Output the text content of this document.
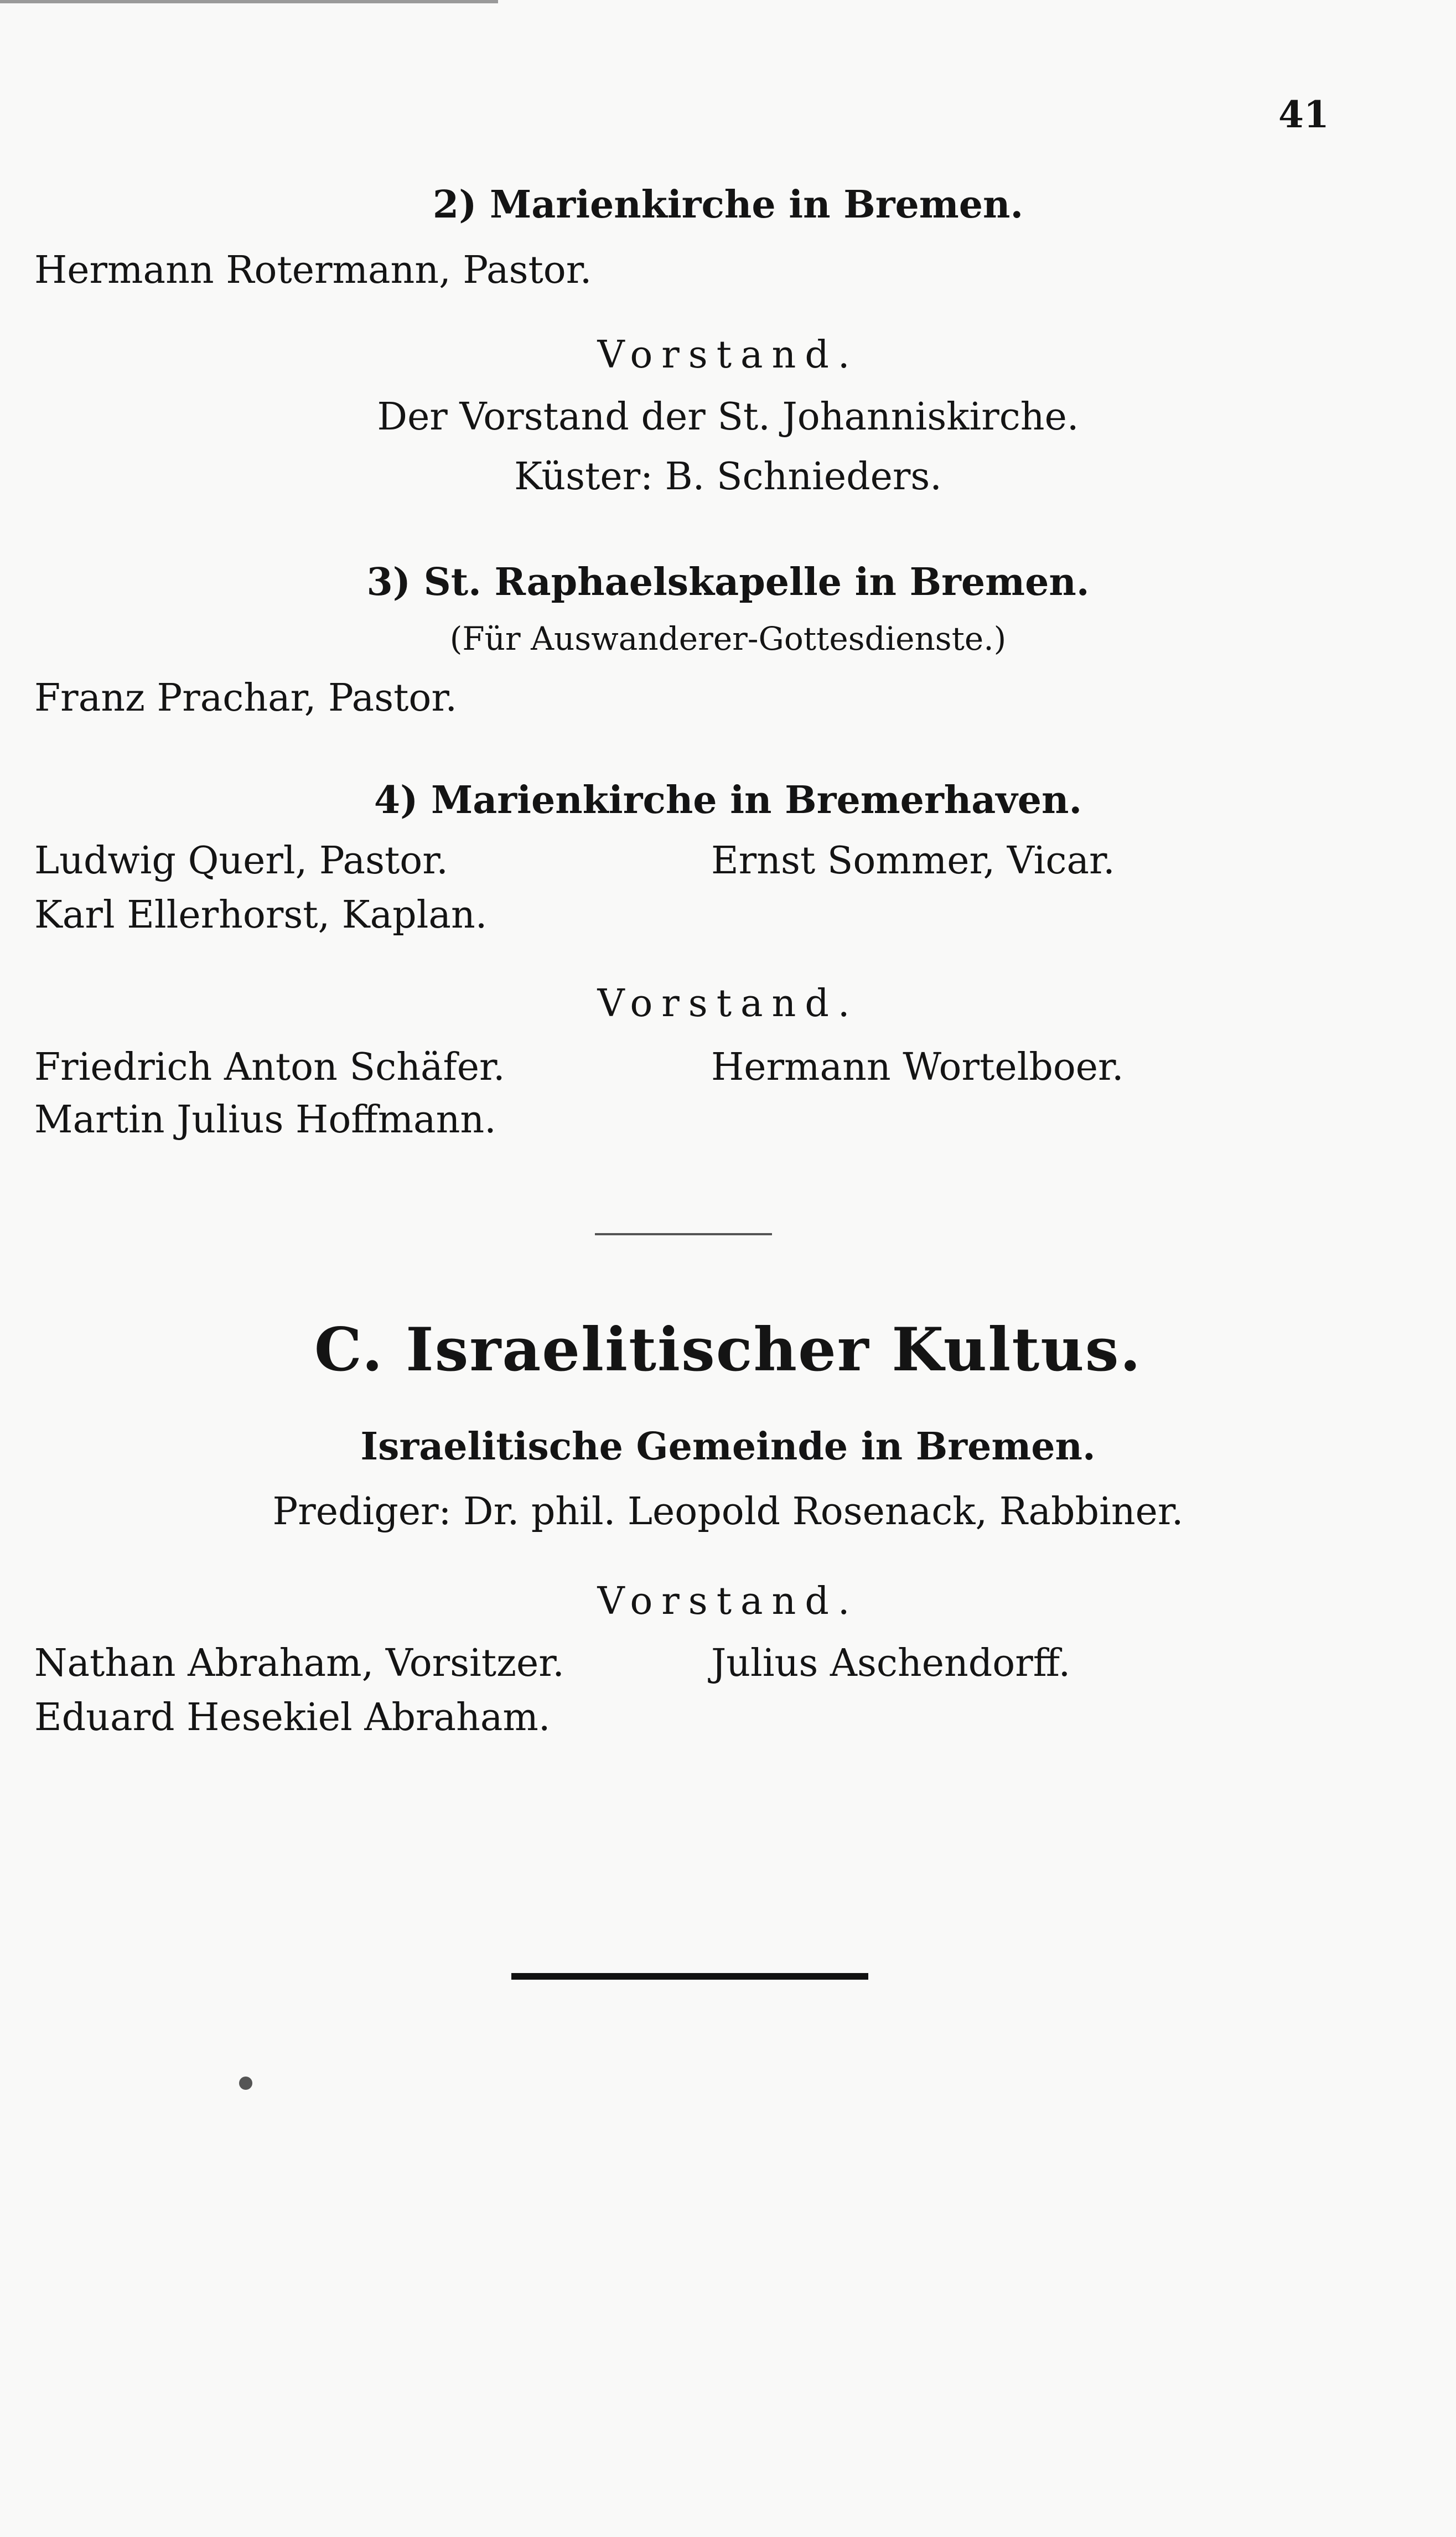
41
2) Marienkirche in Bremen.
Hermann Rotermann, Pastor.
Vorstand.
Der Vorstand der St. Johanniskirche.
Küster: B. Schnieders.
3) St. Raphaelskapelle in Bremen.
(Für Auswanderer-Gottesdienste.)
Franz Prachar, Pastor.
4) Marienkirche in Bremerhaven.
Ludwig Querl, Pastor.	Ernst Sommer, Vicar.
Karl Ellerhorst, Kaplan.
Vorstand.
Friedrich Anton Schäfer.	Hermann Wortelboer.
Martin Julius Hoffmann.
C. Israelitischer Kultus.
Israelitische Gemeinde in Bremen.
Prediger: Dr. phil. Leopold Rosenack, Rabbiner.
Vorstand.
Nathan Abraham, Vorsitzer.	Julius Aschendorff.
Eduard Hesekiel Abraham.
